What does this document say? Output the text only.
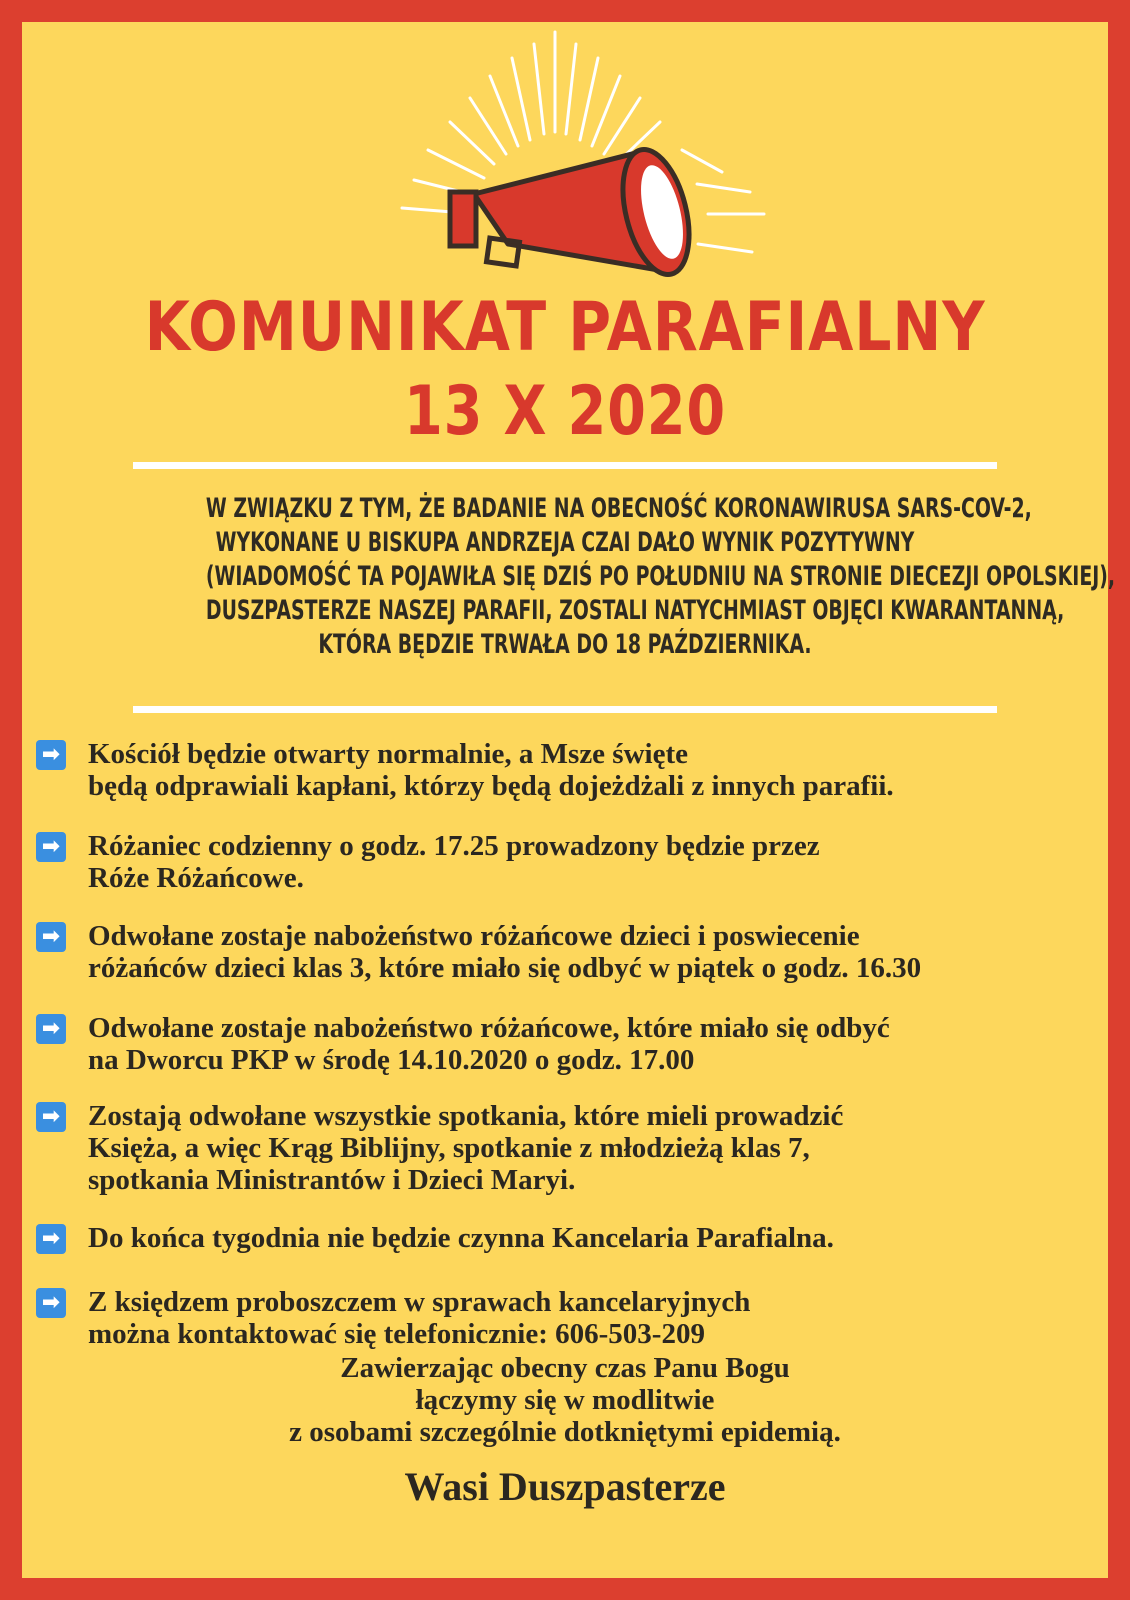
KOMUNIKAT PARAFIALNY
13 X 2020
W ZWIĄZKU Z TYM, ŻE BADANIE NA OBECNOŚĆ KORONAWIRUSA SARS-COV-2,
WYKONANE U BISKUPA ANDRZEJA CZAI DAŁO WYNIK POZYTYWNY
(WIADOMOŚĆ TA POJAWIŁA SIĘ DZIŚ PO POŁUDNIU NA STRONIE DIECEZJI OPOLSKIEJ),
DUSZPASTERZE NASZEJ PARAFII, ZOSTALI NATYCHMIAST OBJĘCI KWARANTANNĄ,
KTÓRA BĘDZIE TRWAŁA DO 18 PAŹDZIERNIKA.
➡ Kościół będzie otwarty normalnie, a Msze święte
będą odprawiali kapłani, którzy będą dojeżdżali z innych parafii.
➡ Różaniec codzienny o godz. 17.25 prowadzony będzie przez
Róże Różańcowe.
➡ Odwołane zostaje nabożeństwo różańcowe dzieci i poswiecenie
różańców dzieci klas 3, które miało się odbyć w piątek o godz. 16.30
➡ Odwołane zostaje nabożeństwo różańcowe, które miało się odbyć
na Dworcu PKP w środę 14.10.2020 o godz. 17.00
➡ Zostają odwołane wszystkie spotkania, które mieli prowadzić
Księża, a więc Krąg Biblijny, spotkanie z młodzieżą klas 7,
spotkania Ministrantów i Dzieci Maryi.
➡ Do końca tygodnia nie będzie czynna Kancelaria Parafialna.
➡ Z księdzem proboszczem w sprawach kancelaryjnych
można kontaktować się telefonicznie: 606-503-209
Zawierzając obecny czas Panu Bogu
łączymy się w modlitwie
z osobami szczególnie dotkniętymi epidemią.
Wasi Duszpasterze
